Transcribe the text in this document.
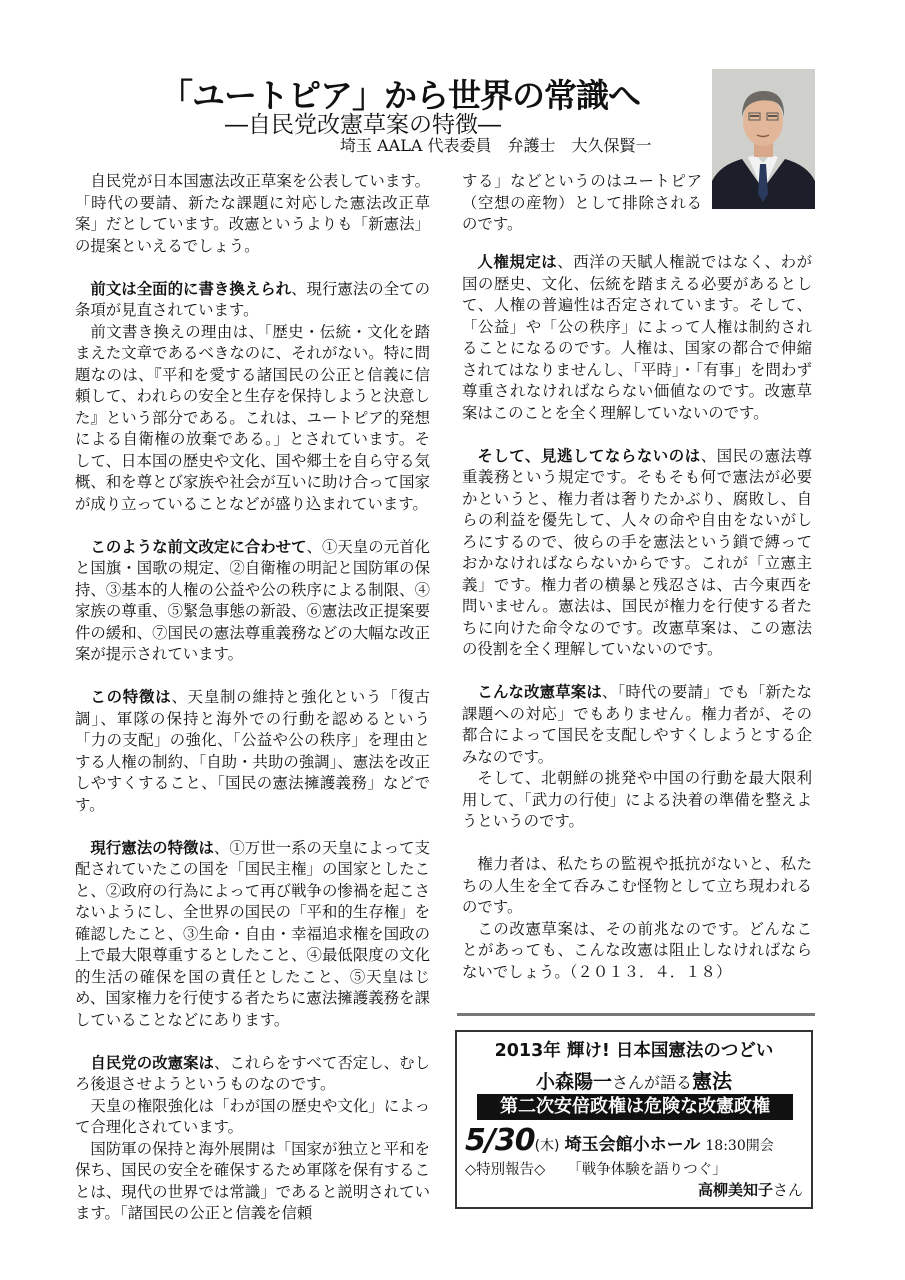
「ユートピア」から世界の常識へ
―自民党改憲草案の特徴―
埼玉 AALA 代表委員 弁護士 大久保賢一

自民党が日本国憲法改正草案を公表しています。「時代の要請、新たな課題に対応した憲法改正草案」だとしています。改憲というよりも「新憲法」の提案といえるでしょう。

前文は全面的に書き換えられ、現行憲法の全ての条項が見直されています。

前文書き換えの理由は、「歴史・伝統・文化を踏まえた文章であるべきなのに、それがない。特に問題なのは、『平和を愛する諸国民の公正と信義に信頼して、われらの安全と生存を保持しようと決意した』という部分である。これは、ユートピア的発想による自衛権の放棄である。」とされています。そして、日本国の歴史や文化、国や郷土を自ら守る気概、和を尊とび家族や社会が互いに助け合って国家が成り立っていることなどが盛り込まれています。

このような前文改定に合わせて、①天皇の元首化と国旗・国歌の規定、②自衛権の明記と国防軍の保持、③基本的人権の公益や公の秩序による制限、④家族の尊重、⑤緊急事態の新設、⑥憲法改正提案要件の緩和、⑦国民の憲法尊重義務などの大幅な改正案が提示されています。

この特徴は、天皇制の維持と強化という「復古調」、軍隊の保持と海外での行動を認めるという「力の支配」の強化、「公益や公の秩序」を理由とする人権の制約、「自助・共助の強調」、憲法を改正しやすくすること、「国民の憲法擁護義務」などです。

現行憲法の特徴は、①万世一系の天皇によって支配されていたこの国を「国民主権」の国家としたこと、②政府の行為によって再び戦争の惨禍を起こさないようにし、全世界の国民の「平和的生存権」を確認したこと、③生命・自由・幸福追求権を国政の上で最大限尊重するとしたこと、④最低限度の文化的生活の確保を国の責任としたこと、⑤天皇はじめ、国家権力を行使する者たちに憲法擁護義務を課していることなどにあります。

自民党の改憲案は、これらをすべて否定し、むしろ後退させようというものなのです。

天皇の権限強化は「わが国の歴史や文化」によって合理化されています。

国防軍の保持と海外展開は「国家が独立と平和を保ち、国民の安全を確保するため軍隊を保有することは、現代の世界では常識」であると説明されています。「諸国民の公正と信義を信頼

する」などというのはユートピア（空想の産物）として排除されるのです。

人権規定は、西洋の天賦人権説ではなく、わが国の歴史、文化、伝統を踏まえる必要があるとして、人権の普遍性は否定されています。そして、「公益」や「公の秩序」によって人権は制約されることになるのです。人権は、国家の都合で伸縮されてはなりませんし、「平時」・「有事」を問わず尊重されなければならない価値なのです。改憲草案はこのことを全く理解していないのです。

そして、見逃してならないのは、国民の憲法尊重義務という規定です。そもそも何で憲法が必要かというと、権力者は奢りたかぶり、腐敗し、自らの利益を優先して、人々の命や自由をないがしろにするので、彼らの手を憲法という鎖で縛っておかなければならないからです。これが「立憲主義」です。権力者の横暴と残忍さは、古今東西を問いません。憲法は、国民が権力を行使する者たちに向けた命令なのです。改憲草案は、この憲法の役割を全く理解していないのです。

こんな改憲草案は、「時代の要請」でも「新たな課題への対応」でもありません。権力者が、その都合によって国民を支配しやすくしようとする企みなのです。

そして、北朝鮮の挑発や中国の行動を最大限利用して、「武力の行使」による決着の準備を整えようというのです。

権力者は、私たちの監視や抵抗がないと、私たちの人生を全て呑みこむ怪物として立ち現われるのです。

この改憲草案は、その前兆なのです。どんなことがあっても、こんな改憲は阻止しなければならないでしょう。（２０１３．４．１８）

2013年 輝け! 日本国憲法のつどい
小森陽一さんが語る憲法
第二次安倍政権は危険な改憲政権
5/30(木) 埼玉会館小ホール 18:30開会
◇特別報告◇ 「戦争体験を語りつぐ」
高柳美知子さん
